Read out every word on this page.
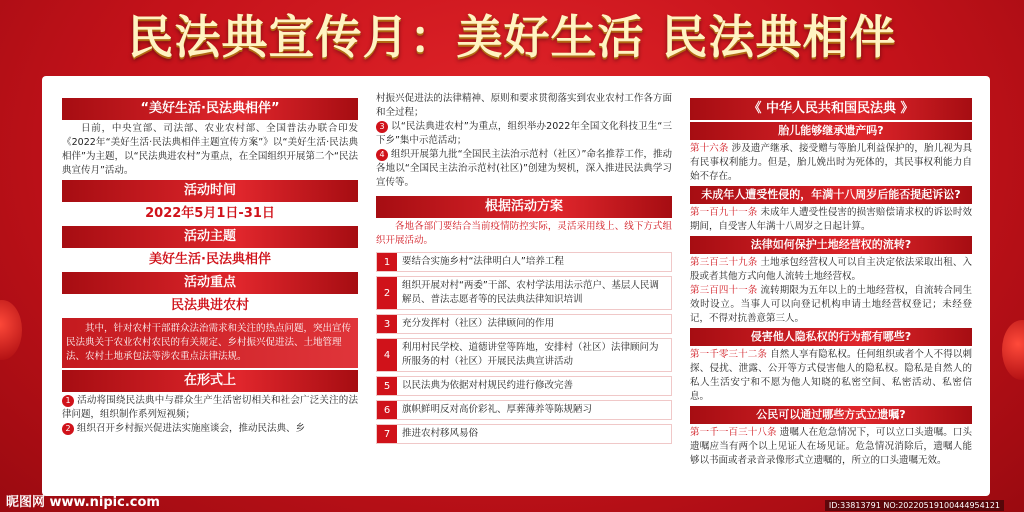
民法典宣传月：美好生活 民法典相伴
“美好生活·民法典相伴”
日前，中央宣部、司法部、农业农村部、全国普法办联合印发《2022年“美好生活·民法典相伴主题宣传方案”》以“美好生活·民法典相伴”为主题，以“民法典进农村”为重点，在全国组织开展第二个“民法典宣传月”活动。
活动时间
2022年5月1日-31日
活动主题
美好生活·民法典相伴
活动重点
民法典进农村
其中，针对农村干部群众法治需求和关注的热点问题，突出宣传民法典关于农业农村农民的有关规定、乡村振兴促进法、土地管理法、农村土地承包法等涉农重点法律法规。
在形式上
1 活动将围绕民法典中与群众生产生活密切相关和社会广泛关注的法律问题，组织制作系列短视频；
2 组织召开乡村振兴促进法实施座谈会，推动民法典、乡
村振兴促进法的法律精神、原则和要求贯彻落实到农业农村工作各方面和全过程；
3 以“民法典进农村”为重点，组织举办2022年全国文化科技卫生“三下乡”集中示范活动；
4 组织开展第九批“全国民主法治示范村（社区）”命名推荐工作，推动各地以“全国民主法治示范村(社区)”创建为契机，深入推进民法典学习宣传等。
根据活动方案
各地各部门要结合当前疫情防控实际，灵活采用线上、线下方式组织开展活动。
1	要结合实施乡村“法律明白人”培养工程
2
组织开展对村“两委”干部、农村学法用法示范户、基层人民调解员、普法志愿者等的民法典法律知识培训
3	充分发挥村（社区）法律顾问的作用
4
利用村民学校、道德讲堂等阵地，安排村（社区）法律顾问为所服务的村（社区）开展民法典宣讲活动
5	以民法典为依据对村规民约进行修改完善
6	旗帜鲜明反对高价彩礼、厚葬薄养等陈规陋习
7	推进农村移风易俗
《 中华人民共和国民法典 》
胎儿能够继承遗产吗?
第十六条 涉及遗产继承、接受赠与等胎儿利益保护的，胎儿视为具有民事权利能力。但是，胎儿娩出时为死体的，其民事权利能力自始不存在。
未成年人遭受性侵的，年满十八周岁后能否提起诉讼?
第一百九十一条 未成年人遭受性侵害的损害赔偿请求权的诉讼时效期间，自受害人年满十八周岁之日起计算。
法律如何保护土地经营权的流转?
第三百三十九条 土地承包经营权人可以自主决定依法采取出租、入股或者其他方式向他人流转土地经营权。
第三百四十一条 流转期限为五年以上的土地经营权，自流转合同生效时设立。当事人可以向登记机构申请土地经营权登记；未经登记，不得对抗善意第三人。
侵害他人隐私权的行为都有哪些?
第一千零三十二条 自然人享有隐私权。任何组织或者个人不得以刺探、侵扰、泄露、公开等方式侵害他人的隐私权。隐私是自然人的私人生活安宁和不愿为他人知晓的私密空间、私密活动、私密信息。
公民可以通过哪些方式立遗嘱?
第一千一百三十八条 遗嘱人在危急情况下，可以立口头遗嘱。口头遗嘱应当有两个以上见证人在场见证。危急情况消除后，遗嘱人能够以书面或者录音录像形式立遗嘱的，所立的口头遗嘱无效。
昵图网 www.nipic.com	ID:33813791 NO:20220519100444954121
